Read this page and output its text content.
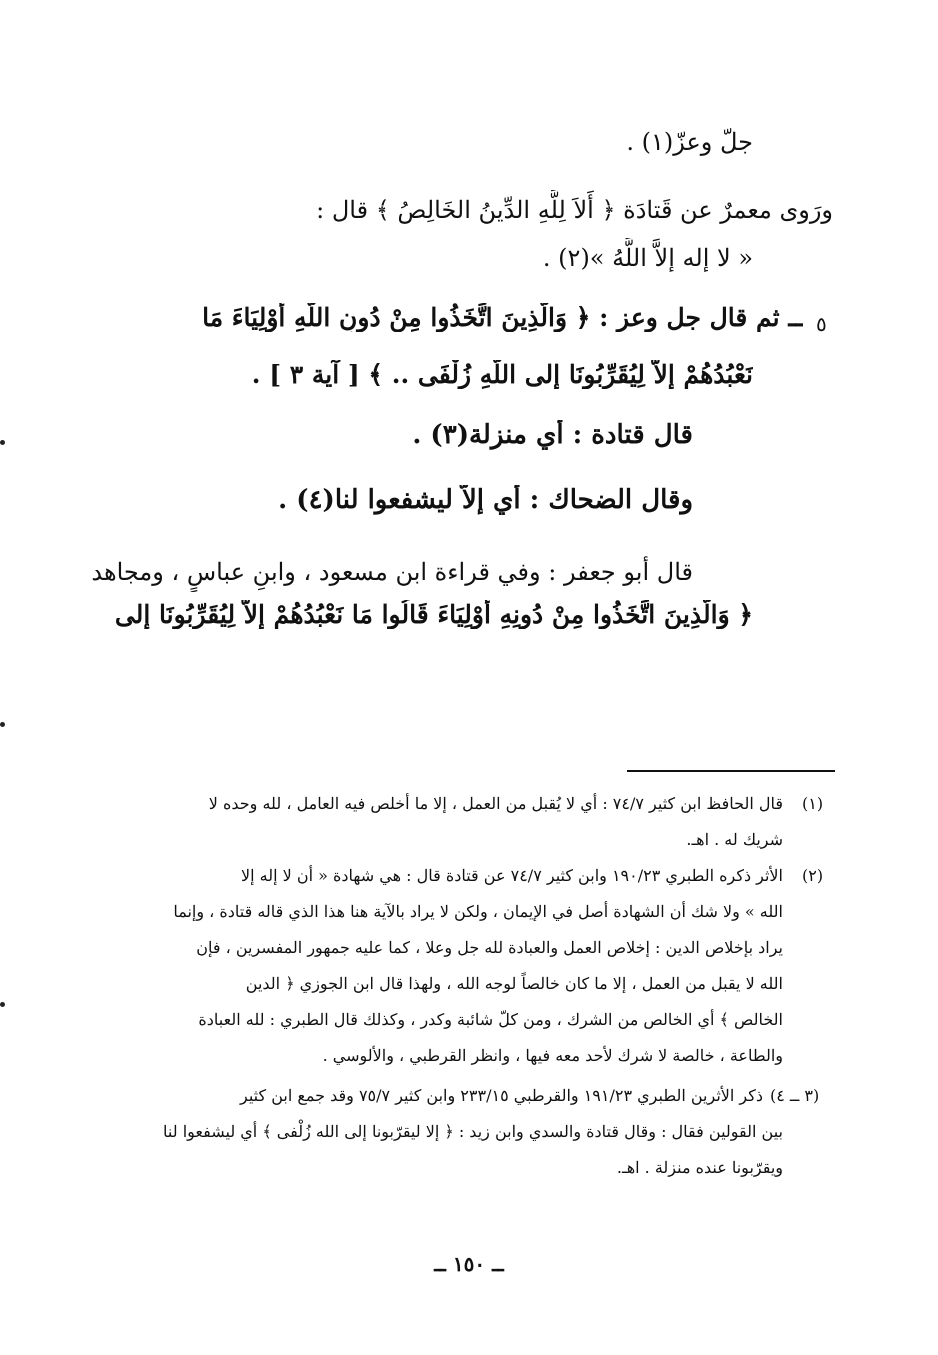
جلّ وعزّ(١) .
ورَوى معمرٌ عن قَتادَة ﴿ أَلاَ لِلَّهِ الدِّينُ الخَالِصُ ﴾ قال :
« لا إله إلاَّ اللَّهُ »(٢) .
٥
ــ ثم قال جل وعز : ﴿ وَالَّذِينَ اتَّخَذُوا مِنْ دُونِ اللَّهِ أَوْلِيَاءَ مَا
نَعْبُدُهُمْ إلاَّ لِيُقَرِّبُونَا إلى اللَّهِ زُلْفَى .. ﴾ [ آية ٣ ] .
قال قتادة : أي منزلة(٣) .
وقال الضحاك : أي إلاَّ ليشفعوا لنا(٤) .
قال أبو جعفر : وفي قراءة ابن مسعود ، وابنِ عباسٍ ، ومجاهد
﴿ وَالَّذِينَ اتَّخَذُوا مِنْ دُونِهِ أَوْلِيَاءَ قَالُوا مَا نَعْبُدُهُمْ إلاَّ لِيُقَرِّبُونَا إلى
(١)
قال الحافظ ابن كثير ٧٤/٧ : أي لا يُقبل من العمل ، إلا ما أخلص فيه العامل ، لله وحده لا
شريك له . اهـ.
(٢)
الأثر ذكره الطبري ١٩٠/٢٣ وابن كثير ٧٤/٧ عن قتادة قال : هي شهادة « أن لا إله إلا
الله » ولا شك أن الشهادة أصل في الإيمان ، ولكن لا يراد بالآية هنا هذا الذي قاله قتادة ، وإنما
يراد بإخلاص الدين : إخلاص العمل والعبادة لله جل وعلا ، كما عليه جمهور المفسرين ، فإن
الله لا يقبل من العمل ، إلا ما كان خالصاً لوجه الله ، ولهذا قال ابن الجوزي ﴿ الدين
الخالص ﴾ أي الخالص من الشرك ، ومن كلّ شائبة وكدر ، وكذلك قال الطبري : لله العبادة
والطاعة ، خالصة لا شرك لأحد معه فيها ، وانظر القرطبي ، والألوسي .
(٣ ــ ٤)
ذكر الأثرين الطبري ١٩١/٢٣ والقرطبي ٢٣٣/١٥ وابن كثير ٧٥/٧ وقد جمع ابن كثير
بين القولين فقال : وقال قتادة والسدي وابن زيد : ﴿ إلا ليقرّبونا إلى الله زُلْفى ﴾ أي ليشفعوا لنا
ويقرّبونا عنده منزلة . اهـ.
ــ ١٥٠ ــ
